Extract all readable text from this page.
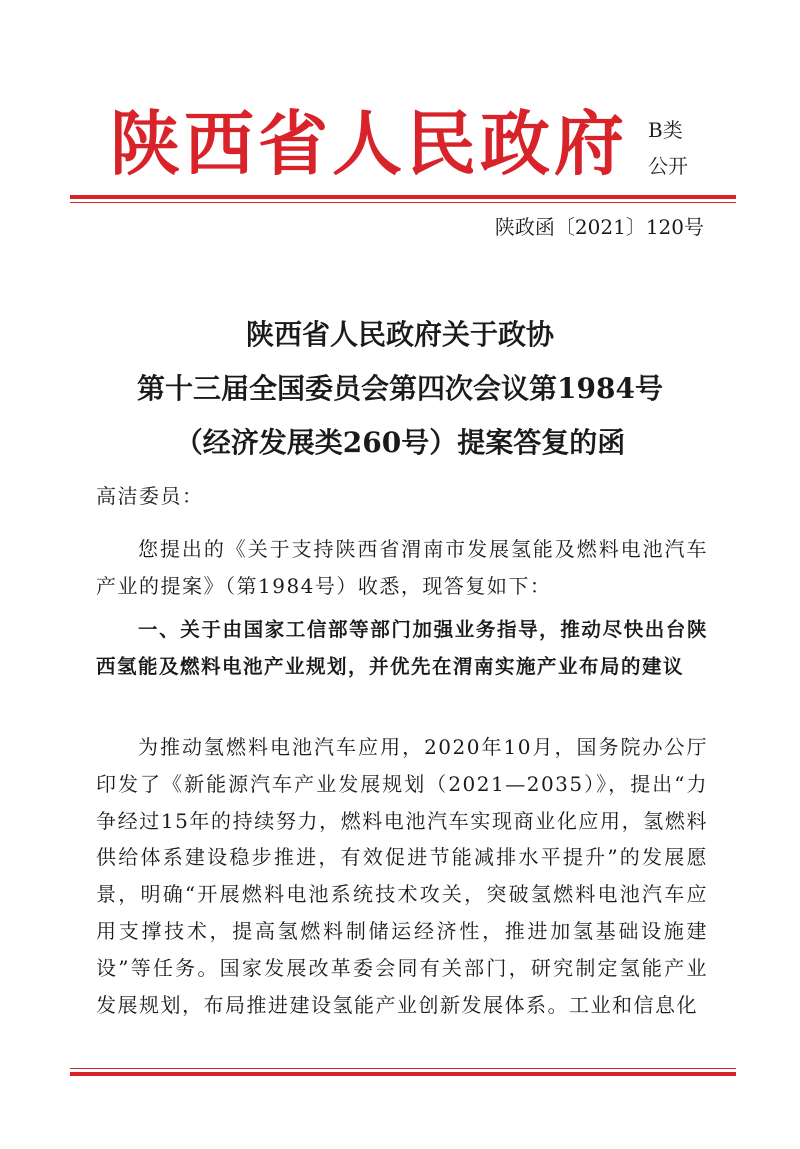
陕西省人民政府 B类
公开
陕政函〔2021〕120号
陕西省人民政府关于政协
第十三届全国委员会第四次会议第1984号
（经济发展类260号）提案答复的函
高洁委员：
您提出的《关于支持陕西省渭南市发展氢能及燃料电池汽车产业的提案》（第1984号）收悉，现答复如下：
一、关于由国家工信部等部门加强业务指导，推动尽快出台陕西氢能及燃料电池产业规划，并优先在渭南实施产业布局的建议
为推动氢燃料电池汽车应用，2020年10月，国务院办公厅印发了《新能源汽车产业发展规划（2021—2035）》，提出“力争经过15年的持续努力，燃料电池汽车实现商业化应用，氢燃料供给体系建设稳步推进，有效促进节能减排水平提升”的发展愿景，明确“开展燃料电池系统技术攻关，突破氢燃料电池汽车应用支撑技术，提高氢燃料制储运经济性，推进加氢基础设施建设”等任务。国家发展改革委会同有关部门，研究制定氢能产业发展规划，布局推进建设氢能产业创新发展体系。工业和信息化
